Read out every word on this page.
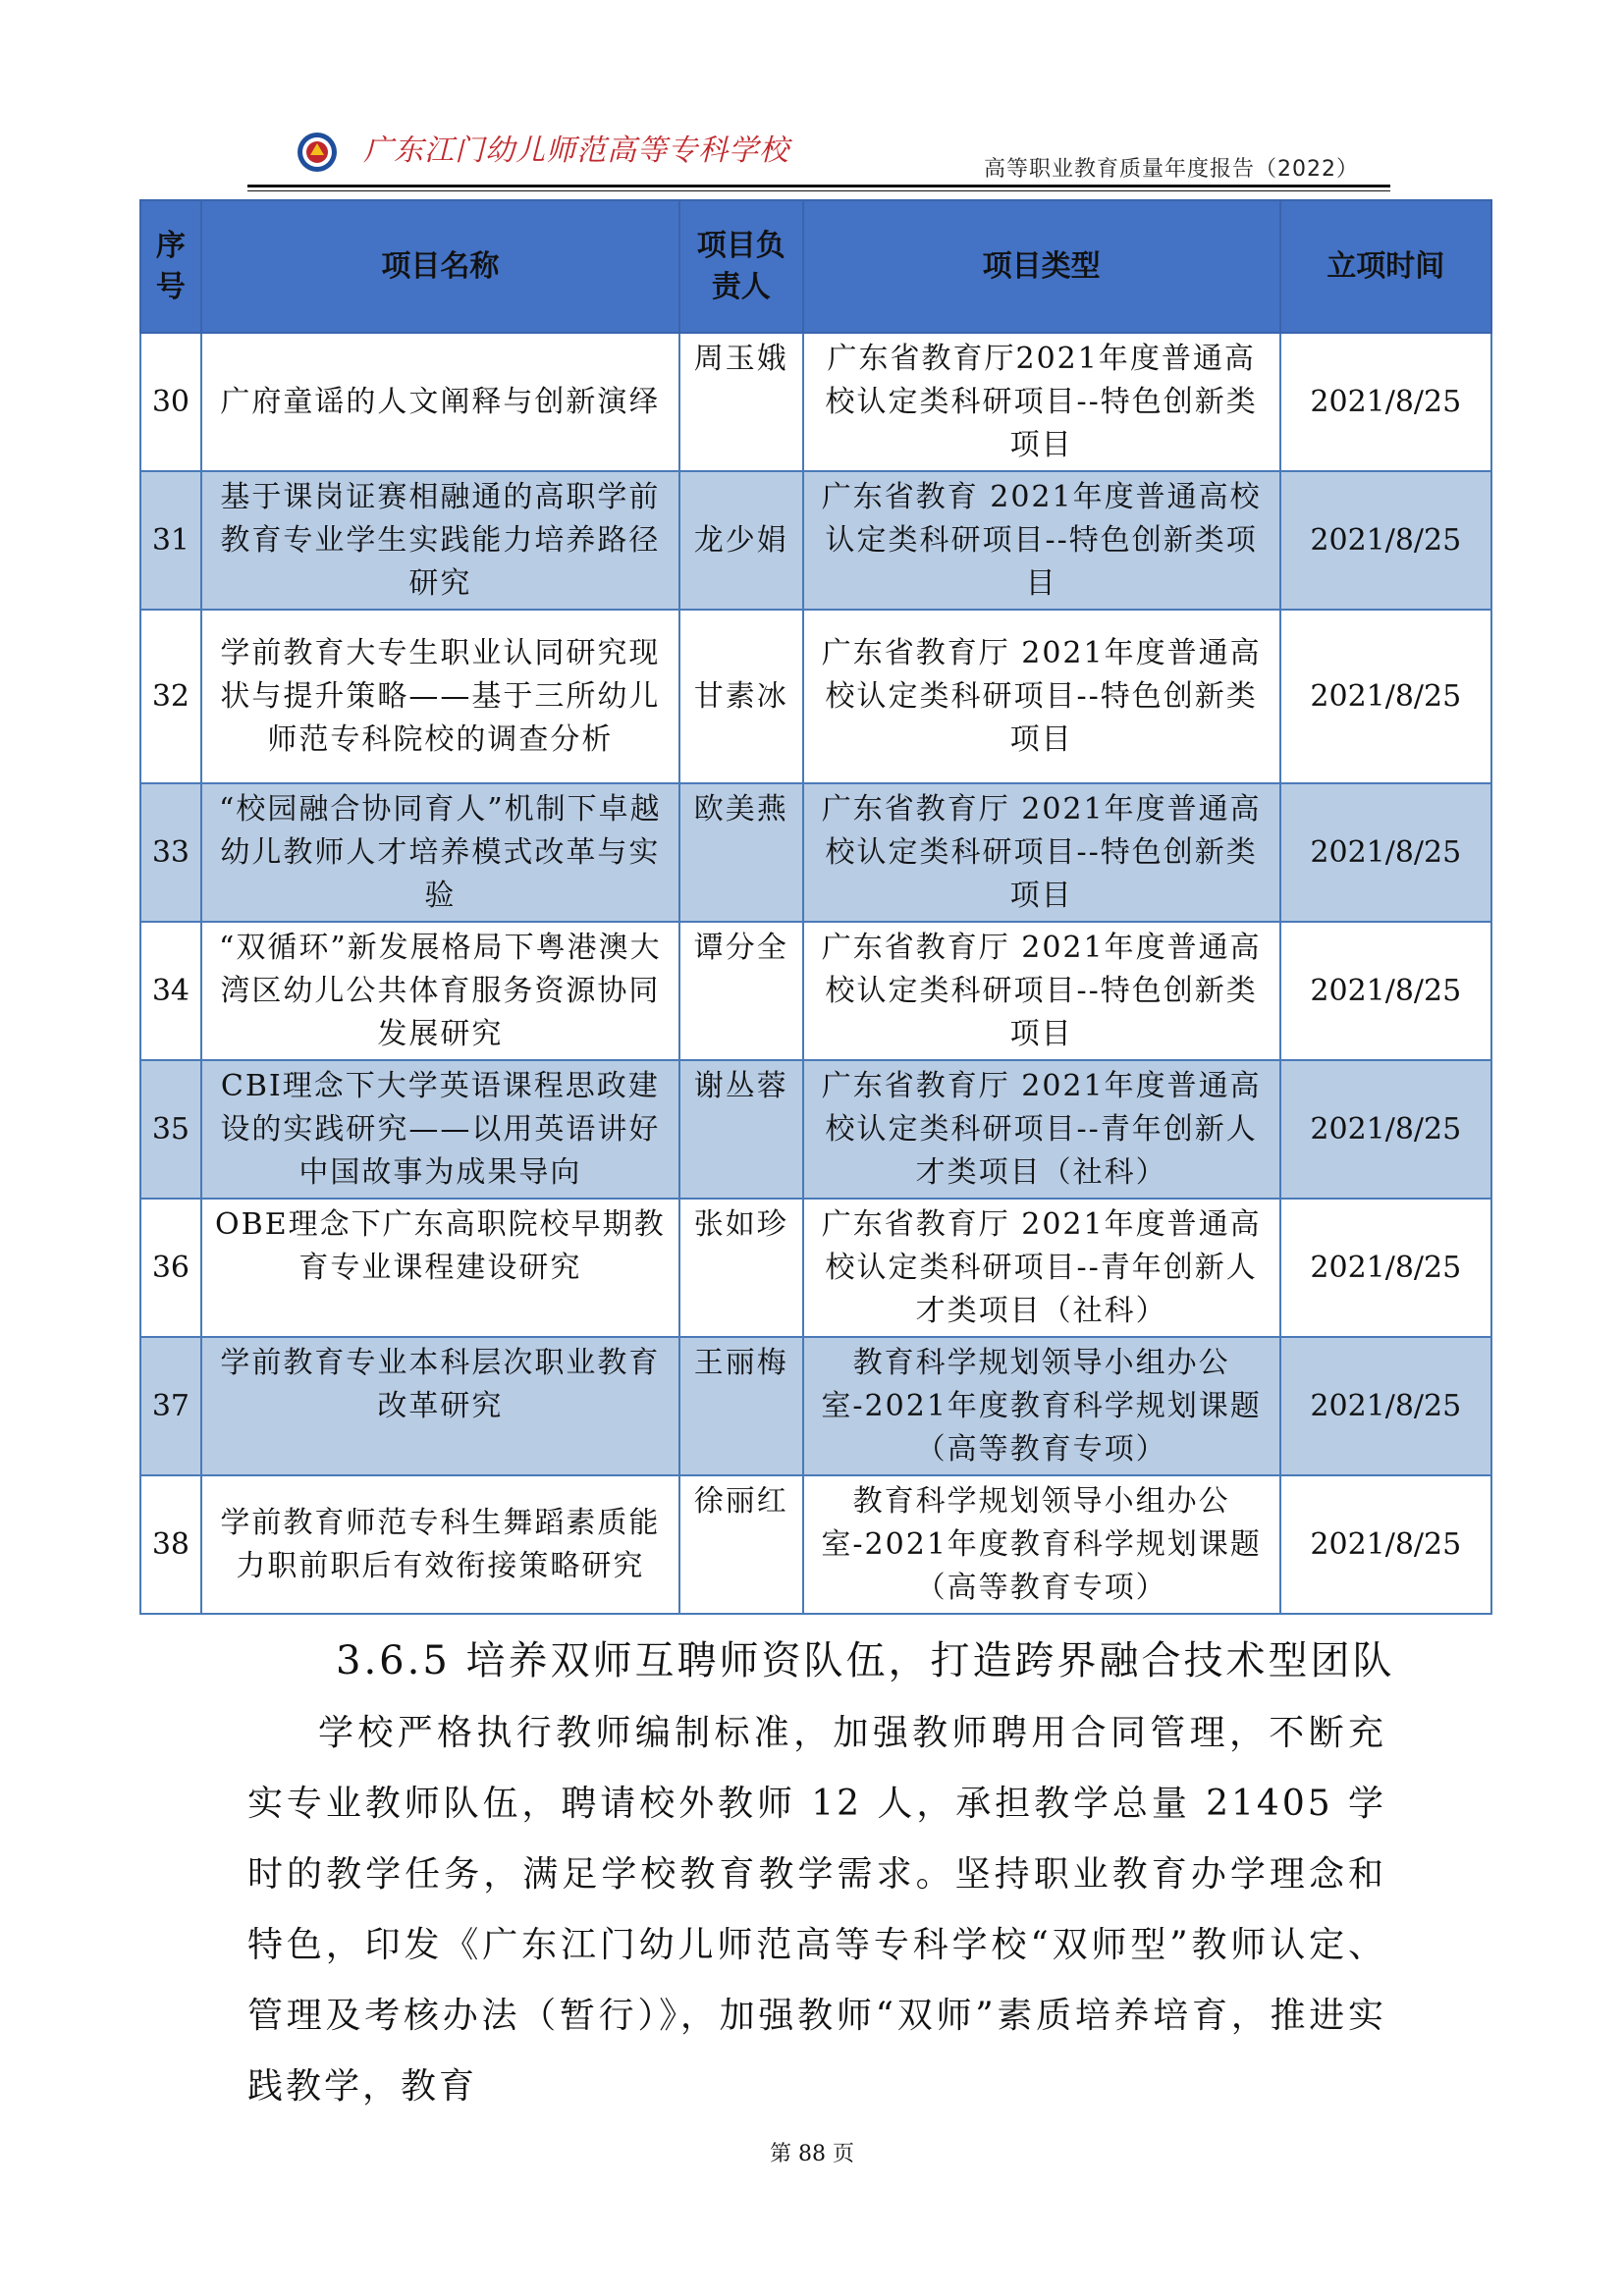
广东江门幼儿师范高等专科学校
高等职业教育质量年度报告（2022）
序号	项目名称	项目负责人	项目类型	立项时间
30	广府童谣的人文阐释与创新演绎	周玉娥	广东省教育厅2021年度普通高校认定类科研项目--特色创新类项目	2021/8/25
31	基于课岗证赛相融通的高职学前教育专业学生实践能力培养路径研究	龙少娟	广东省教育 2021年度普通高校认定类科研项目--特色创新类项目	2021/8/25
32	学前教育大专生职业认同研究现状与提升策略——基于三所幼儿师范专科院校的调查分析	甘素冰	广东省教育厅 2021年度普通高校认定类科研项目--特色创新类项目	2021/8/25
33	“校园融合协同育人”机制下卓越幼儿教师人才培养模式改革与实验	欧美燕	广东省教育厅 2021年度普通高校认定类科研项目--特色创新类项目	2021/8/25
34	“双循环”新发展格局下粤港澳大湾区幼儿公共体育服务资源协同发展研究	谭分全	广东省教育厅 2021年度普通高校认定类科研项目--特色创新类项目	2021/8/25
35	CBI理念下大学英语课程思政建设的实践研究——以用英语讲好中国故事为成果导向	谢丛蓉	广东省教育厅 2021年度普通高校认定类科研项目--青年创新人才类项目（社科）	2021/8/25
36	OBE理念下广东高职院校早期教育专业课程建设研究	张如珍	广东省教育厅 2021年度普通高校认定类科研项目--青年创新人才类项目（社科）	2021/8/25
37	学前教育专业本科层次职业教育改革研究	王丽梅	教育科学规划领导小组办公室-2021年度教育科学规划课题（高等教育专项）	2021/8/25
38	学前教育师范专科生舞蹈素质能力职前职后有效衔接策略研究	徐丽红	教育科学规划领导小组办公室-2021年度教育科学规划课题（高等教育专项）	2021/8/25
3.6.5 培养双师互聘师资队伍，打造跨界融合技术型团队
学校严格执行教师编制标准，加强教师聘用合同管理，不断充实专业教师队伍，聘请校外教师 12 人，承担教学总量 21405 学时的教学任务，满足学校教育教学需求。坚持职业教育办学理念和特色，印发《广东江门幼儿师范高等专科学校“双师型”教师认定、管理及考核办法（暂行）》，加强教师“双师”素质培养培育，推进实践教学，教育
第 88 页
